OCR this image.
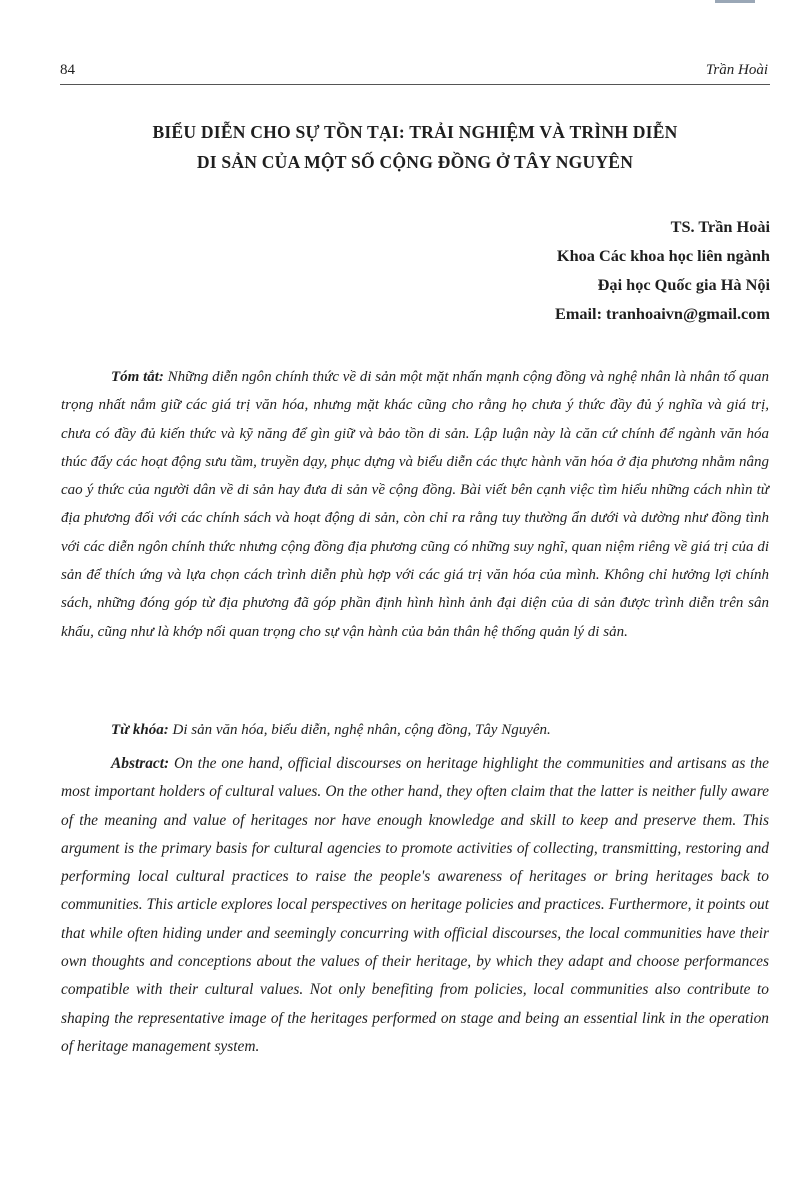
84	Trần Hoài
BIỂU DIỄN CHO SỰ TỒN TẠI: TRẢI NGHIỆM VÀ TRÌNH DIỄN
DI SẢN CỦA MỘT SỐ CỘNG ĐỒNG Ở TÂY NGUYÊN
TS. Trần Hoài
Khoa Các khoa học liên ngành
Đại học Quốc gia Hà Nội
Email: tranhoaivn@gmail.com

Tóm tắt: Những diễn ngôn chính thức về di sản một mặt nhấn mạnh cộng đồng và nghệ nhân là nhân tố quan trọng nhất nắm giữ các giá trị văn hóa, nhưng mặt khác cũng cho rằng họ chưa ý thức đầy đủ ý nghĩa và giá trị, chưa có đầy đủ kiến thức và kỹ năng để gìn giữ và bảo tồn di sản. Lập luận này là căn cứ chính để ngành văn hóa thúc đẩy các hoạt động sưu tầm, truyền dạy, phục dựng và biểu diễn các thực hành văn hóa ở địa phương nhằm nâng cao ý thức của người dân về di sản hay đưa di sản về cộng đồng. Bài viết bên cạnh việc tìm hiểu những cách nhìn từ địa phương đối với các chính sách và hoạt động di sản, còn chỉ ra rằng tuy thường ẩn dưới và dường như đồng tình với các diễn ngôn chính thức nhưng cộng đồng địa phương cũng có những suy nghĩ, quan niệm riêng về giá trị của di sản để thích ứng và lựa chọn cách trình diễn phù hợp với các giá trị văn hóa của mình. Không chỉ hưởng lợi chính sách, những đóng góp từ địa phương đã góp phần định hình hình ảnh đại diện của di sản được trình diễn trên sân khấu, cũng như là khớp nối quan trọng cho sự vận hành của bản thân hệ thống quản lý di sản.

Từ khóa: Di sản văn hóa, biểu diễn, nghệ nhân, cộng đồng, Tây Nguyên.

Abstract: On the one hand, official discourses on heritage highlight the communities and artisans as the most important holders of cultural values. On the other hand, they often claim that the latter is neither fully aware of the meaning and value of heritages nor have enough knowledge and skill to keep and preserve them. This argument is the primary basis for cultural agencies to promote activities of collecting, transmitting, restoring and performing local cultural practices to raise the people's awareness of heritages or bring heritages back to communities. This article explores local perspectives on heritage policies and practices. Furthermore, it points out that while often hiding under and seemingly concurring with official discourses, the local communities have their own thoughts and conceptions about the values of their heritage, by which they adapt and choose performances compatible with their cultural values. Not only benefiting from policies, local communities also contribute to shaping the representative image of the heritages performed on stage and being an essential link in the operation of heritage management system.
